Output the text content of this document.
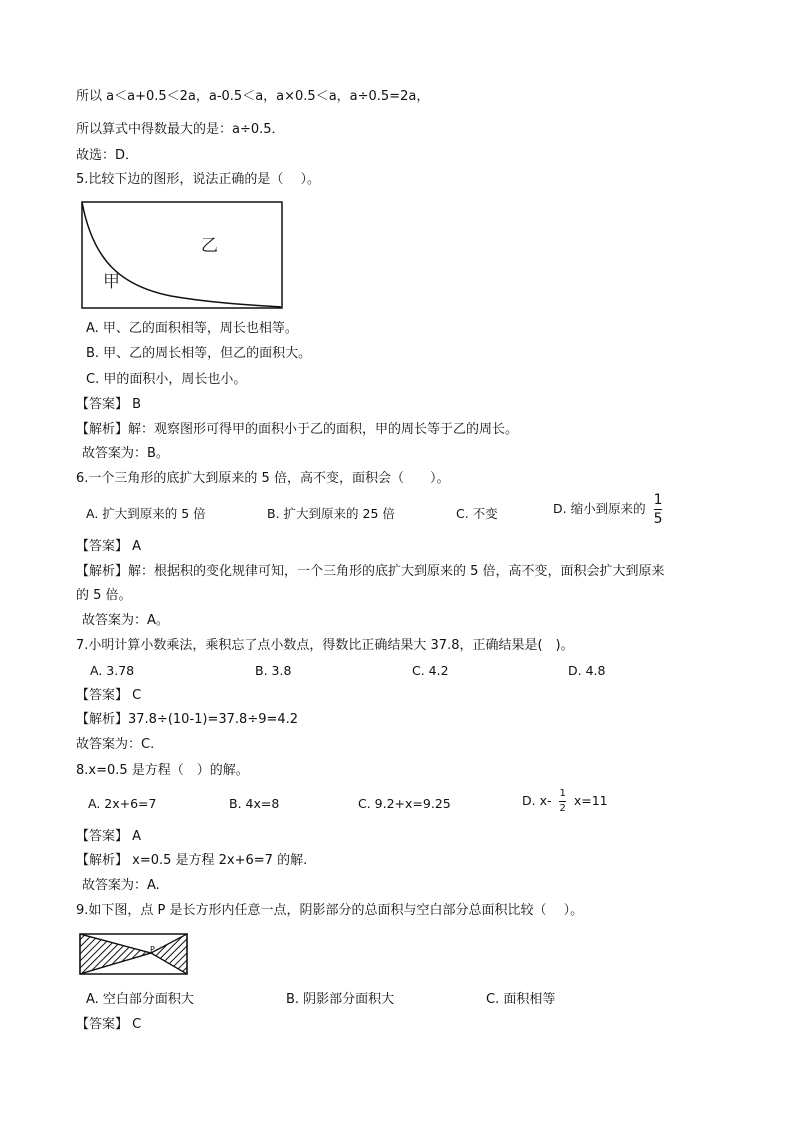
所以 a＜a+0.5＜2a，a-0.5＜a，a×0.5＜a，a÷0.5=2a，
所以算式中得数最大的是：a÷0.5．
故选：D．
5.比较下边的图形，说法正确的是（　 ）。
甲
乙
A. 甲、乙的面积相等，周长也相等。
B. 甲、乙的周长相等，但乙的面积大。
C. 甲的面积小，周长也小。
【答案】 B
【解析】解：观察图形可得甲的面积小于乙的面积，甲的周长等于乙的周长。
故答案为：B。
6.一个三角形的底扩大到原来的 5 倍，高不变，面积会（　　）。
A. 扩大到原来的 5 倍	B. 扩大到原来的 25 倍	C. 不变	D. 缩小到原来的 $\frac{1}{5}$
【答案】 A
【解析】解：根据积的变化规律可知，一个三角形的底扩大到原来的 5 倍，高不变，面积会扩大到原来
的 5 倍。
故答案为：A。
7.小明计算小数乘法，乘积忘了点小数点，得数比正确结果大 37.8，正确结果是(　)。
A. 3.78	B. 3.8	C. 4.2	D. 4.8
【答案】 C
【解析】37.8÷(10-1)=37.8÷9=4.2
故答案为：C.
8.x=0.5 是方程（　）的解。
A. 2x+6=7	B. 4x=8	C. 9.2+x=9.25	D. $x- \frac{1}{2} x=11$
【答案】 A
【解析】 x=0.5 是方程 2x+6=7 的解.
故答案为：A.
9.如下图，点 P 是长方形内任意一点，阴影部分的总面积与空白部分总面积比较（　 ）。
P
A. 空白部分面积大	B. 阴影部分面积大	C. 面积相等
【答案】 C
